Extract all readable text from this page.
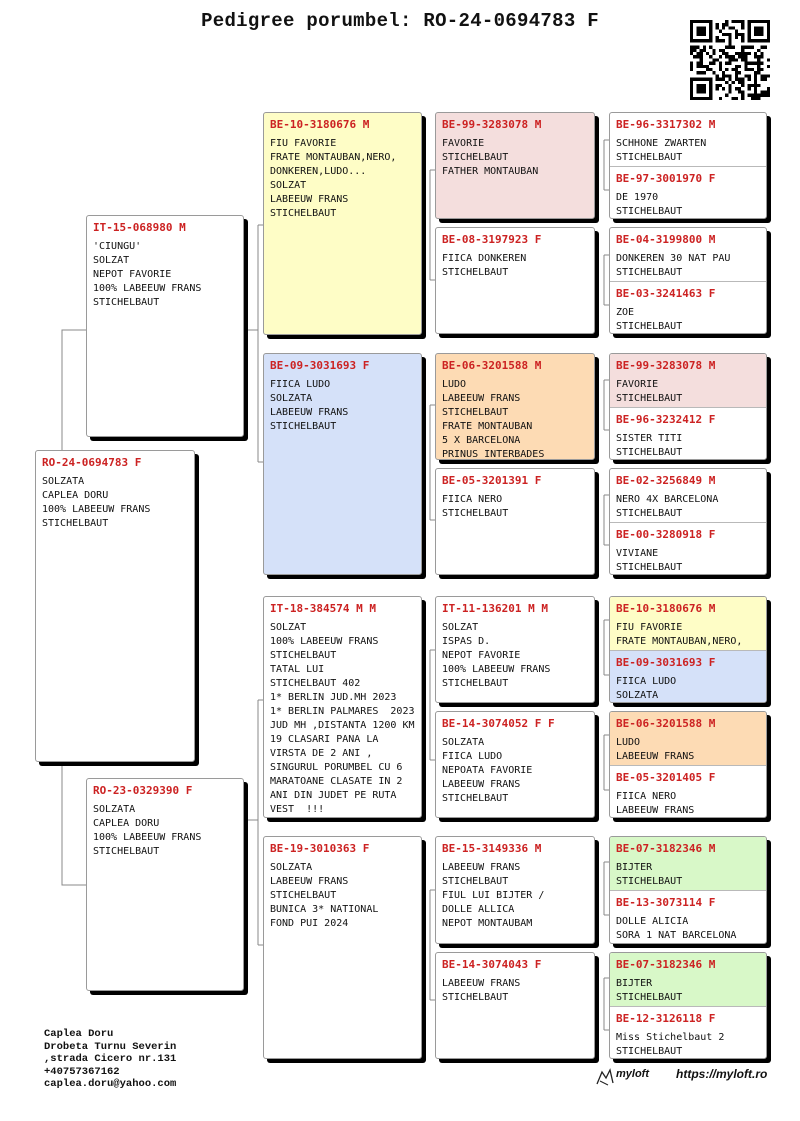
Pedigree porumbel: RO-24-0694783 F
RO-24-0694783 F
SOLZATA
CAPLEA DORU
100% LABEEUW FRANS
STICHELBAUT
IT-15-068980 M
'CIUNGU'
SOLZAT
NEPOT FAVORIE
100% LABEEUW FRANS
STICHELBAUT
RO-23-0329390 F
SOLZATA
CAPLEA DORU
100% LABEEUW FRANS
STICHELBAUT
BE-10-3180676 M
FIU FAVORIE
FRATE MONTAUBAN,NERO,
DONKEREN,LUDO...
SOLZAT
LABEEUW FRANS
STICHELBAUT
BE-09-3031693 F
FIICA LUDO
SOLZATA
LABEEUW FRANS
STICHELBAUT
IT-18-384574 M M
SOLZAT
100% LABEEUW FRANS
STICHELBAUT
TATAL LUI
STICHELBAUT 402
1* BERLIN JUD.MH 2023
1* BERLIN PALMARES  2023
JUD MH ,DISTANTA 1200 KM
19 CLASARI PANA LA
VIRSTA DE 2 ANI ,
SINGURUL PORUMBEL CU 6
MARATOANE CLASATE IN 2
ANI DIN JUDET PE RUTA
VEST  !!!
BE-19-3010363 F
SOLZATA
LABEEUW FRANS
STICHELBAUT
BUNICA 3* NATIONAL
FOND PUI 2024
BE-99-3283078 M
FAVORIE
STICHELBAUT
FATHER MONTAUBAN
BE-08-3197923 F
FIICA DONKEREN
STICHELBAUT
BE-06-3201588 M
LUDO
LABEEUW FRANS
STICHELBAUT
FRATE MONTAUBAN
5 X BARCELONA
PRINUS INTERBADES
BE-05-3201391 F
FIICA NERO
STICHELBAUT
IT-11-136201 M M
SOLZAT
ISPAS D.
NEPOT FAVORIE
100% LABEEUW FRANS
STICHELBAUT
BE-14-3074052 F F
SOLZATA
FIICA LUDO
NEPOATA FAVORIE
LABEEUW FRANS
STICHELBAUT
BE-15-3149336 M
LABEEUW FRANS
STICHELBAUT
FIUL LUI BIJTER /
DOLLE ALLICA
NEPOT MONTAUBAM
BE-14-3074043 F
LABEEUW FRANS
STICHELBAUT
BE-96-3317302 M
SCHHONE ZWARTEN
STICHELBAUT
BE-97-3001970 F
DE 1970
STICHELBAUT
BE-04-3199800 M
DONKEREN 30 NAT PAU
STICHELBAUT
BE-03-3241463 F
ZOE
STICHELBAUT
BE-99-3283078 M
FAVORIE
STICHELBAUT
BE-96-3232412 F
SISTER TITI
STICHELBAUT
BE-02-3256849 M
NERO 4X BARCELONA
STICHELBAUT
BE-00-3280918 F
VIVIANE
STICHELBAUT
BE-10-3180676 M
FIU FAVORIE
FRATE MONTAUBAN,NERO,
BE-09-3031693 F
FIICA LUDO
SOLZATA
BE-06-3201588 M
LUDO
LABEEUW FRANS
BE-05-3201405 F
FIICA NERO
LABEEUW FRANS
BE-07-3182346 M
BIJTER
STICHELBAUT
BE-13-3073114 F
DOLLE ALICIA
SORA 1 NAT BARCELONA
BE-07-3182346 M
BIJTER
STICHELBAUT
BE-12-3126118 F
Miss Stichelbaut 2
STICHELBAUT
Caplea Doru
Drobeta Turnu Severin
,strada Cicero nr.131
+40757367162
caplea.doru@yahoo.com
myloft https://myloft.ro
